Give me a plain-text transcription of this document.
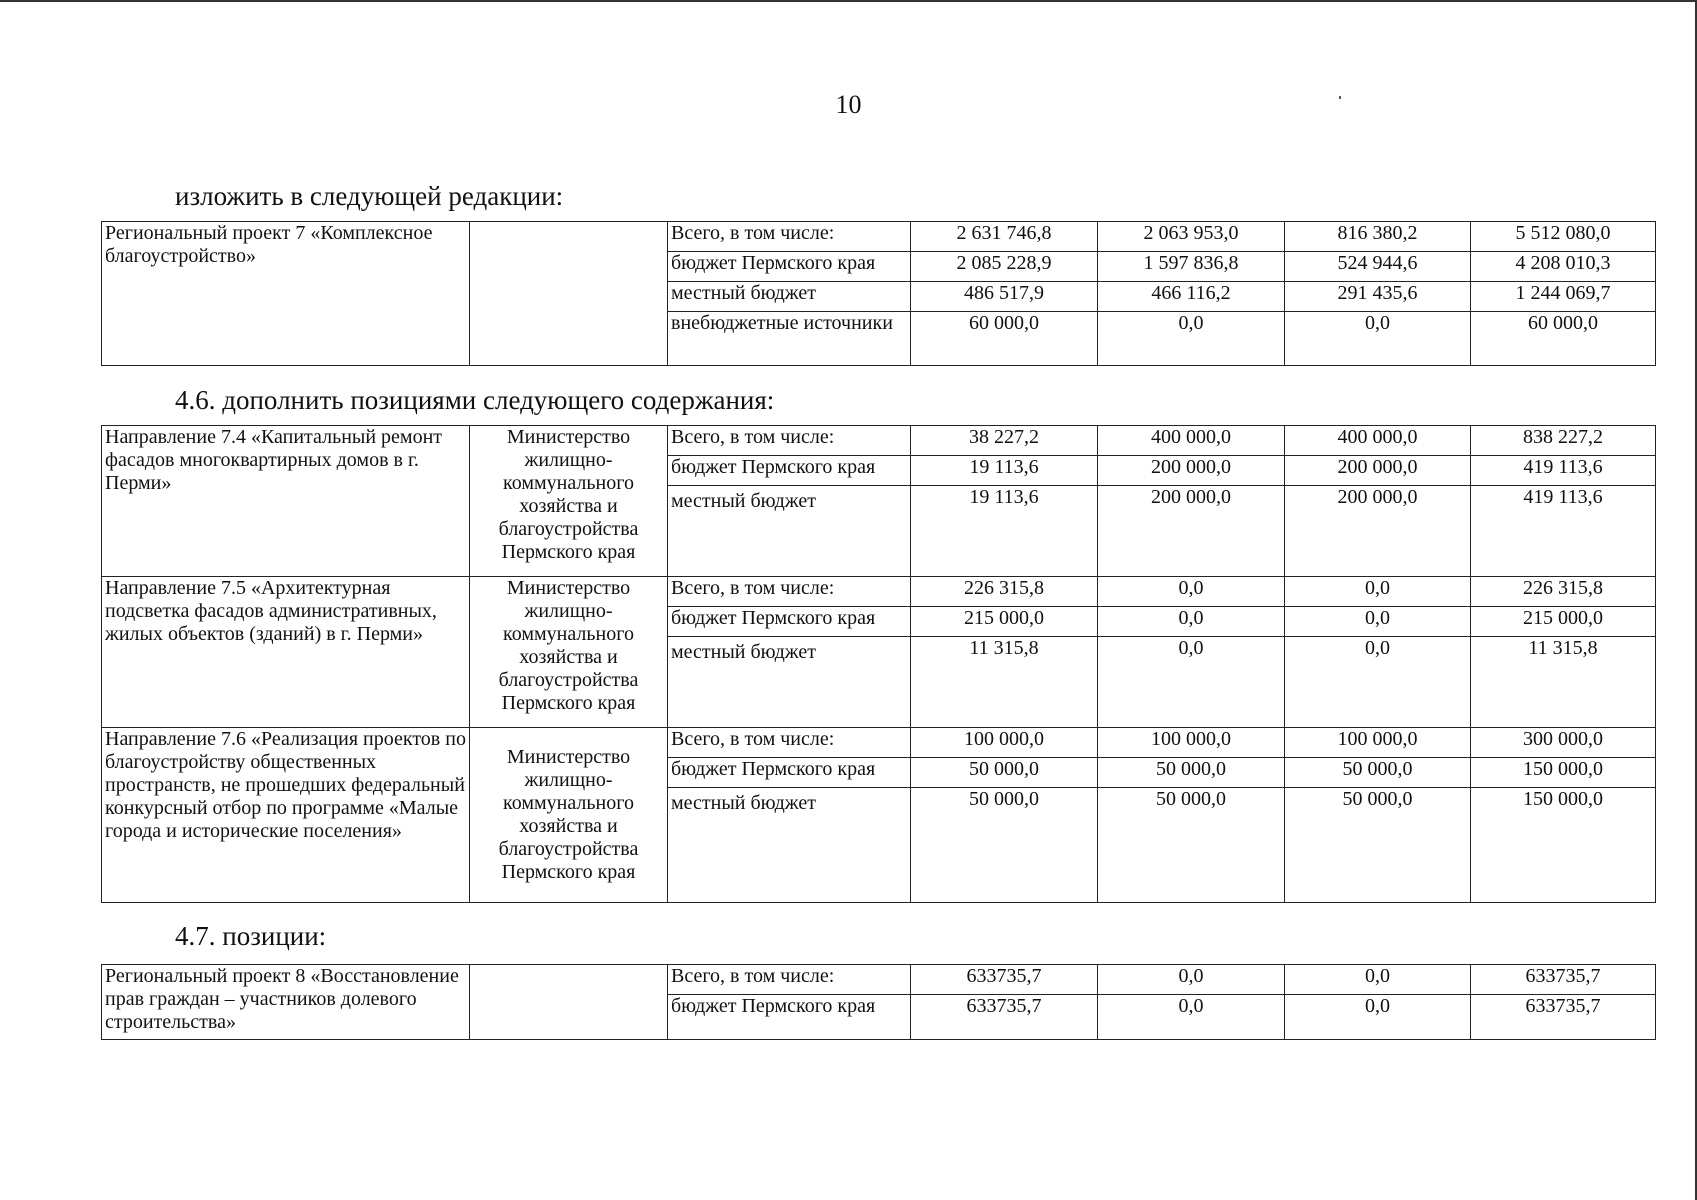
10
изложить в следующей редакции:
Региональный проект 7 «Комплексное благоустройство»		Всего, в том числе:	2 631 746,8	2 063 953,0	816 380,2	5 512 080,0
		бюджет Пермского края	2 085 228,9	1 597 836,8	524 944,6	4 208 010,3
		местный бюджет	486 517,9	466 116,2	291 435,6	1 244 069,7
		внебюджетные источники	60 000,0	0,0	0,0	60 000,0
4.6. дополнить позициями следующего содержания:
Направление 7.4 «Капитальный ремонт фасадов многоквартирных домов в г. Перми»	Министерство жилищно-коммунального хозяйства и благоустройства Пермского края	Всего, в том числе:	38 227,2	400 000,0	400 000,0	838 227,2
		бюджет Пермского края	19 113,6	200 000,0	200 000,0	419 113,6
		местный бюджет	19 113,6	200 000,0	200 000,0	419 113,6
Направление 7.5 «Архитектурная подсветка фасадов административных, жилых объектов (зданий) в г. Перми»	Министерство жилищно-коммунального хозяйства и благоустройства Пермского края	Всего, в том числе:	226 315,8	0,0	0,0	226 315,8
		бюджет Пермского края	215 000,0	0,0	0,0	215 000,0
		местный бюджет	11 315,8	0,0	0,0	11 315,8
Направление 7.6 «Реализация проектов по благоустройству общественных пространств, не прошедших федеральный конкурсный отбор по программе «Малые города и исторические поселения»	Министерство жилищно-коммунального хозяйства и благоустройства Пермского края	Всего, в том числе:	100 000,0	100 000,0	100 000,0	300 000,0
		бюджет Пермского края	50 000,0	50 000,0	50 000,0	150 000,0
		местный бюджет	50 000,0	50 000,0	50 000,0	150 000,0
4.7. позиции:
Региональный проект 8 «Восстановление прав граждан – участников долевого строительства»		Всего, в том числе:	633735,7	0,0	0,0	633735,7
		бюджет Пермского края	633735,7	0,0	0,0	633735,7
